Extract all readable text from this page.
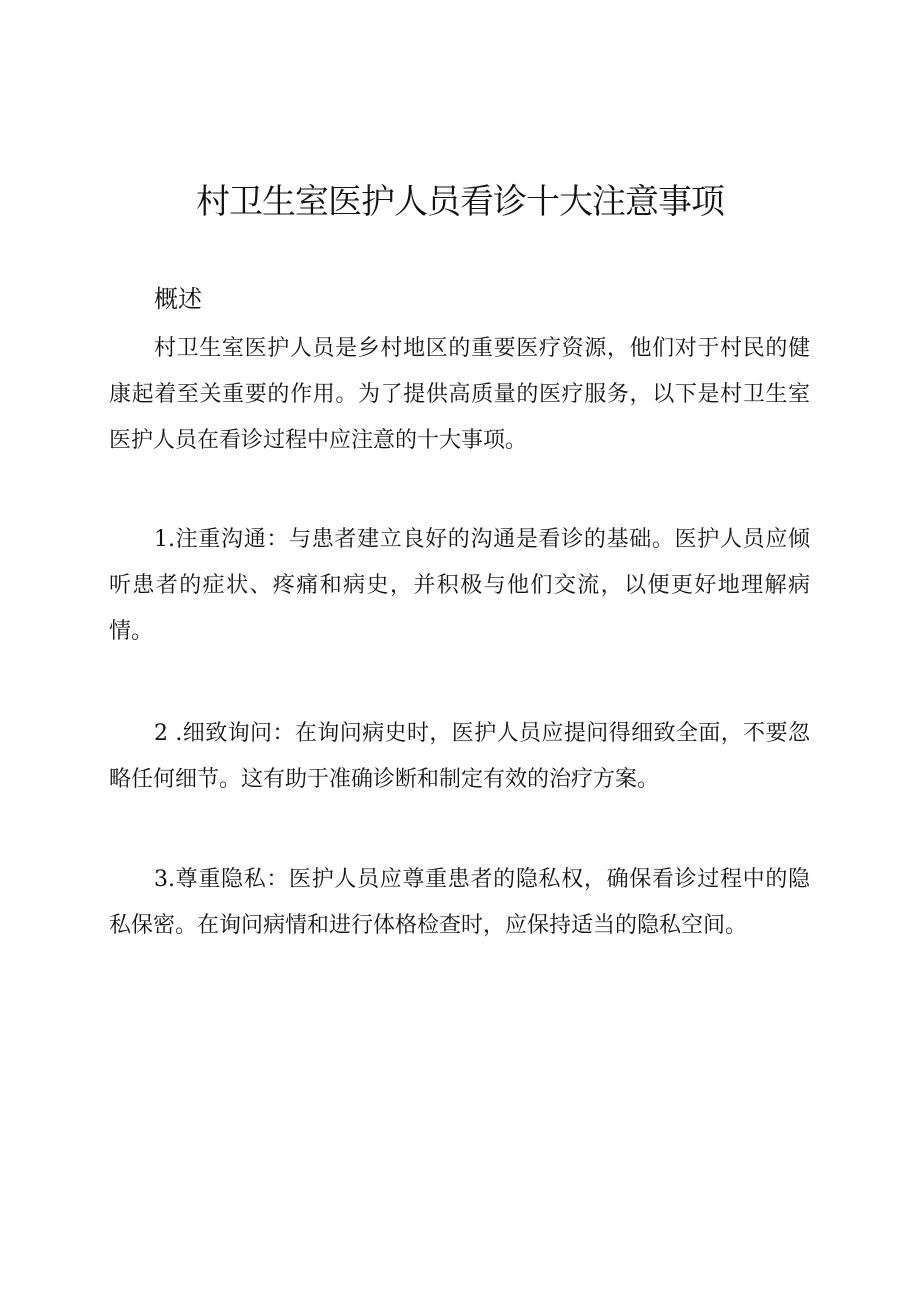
村卫生室医护人员看诊十大注意事项
概述

村卫生室医护人员是乡村地区的重要医疗资源，他们对于村民的健康起着至关重要的作用。为了提供高质量的医疗服务，以下是村卫生室医护人员在看诊过程中应注意的十大事项。

1.注重沟通：与患者建立良好的沟通是看诊的基础。医护人员应倾听患者的症状、疼痛和病史，并积极与他们交流，以便更好地理解病情。

2 .细致询问：在询问病史时，医护人员应提问得细致全面，不要忽略任何细节。这有助于准确诊断和制定有效的治疗方案。

3.尊重隐私：医护人员应尊重患者的隐私权，确保看诊过程中的隐私保密。在询问病情和进行体格检查时，应保持适当的隐私空间。
